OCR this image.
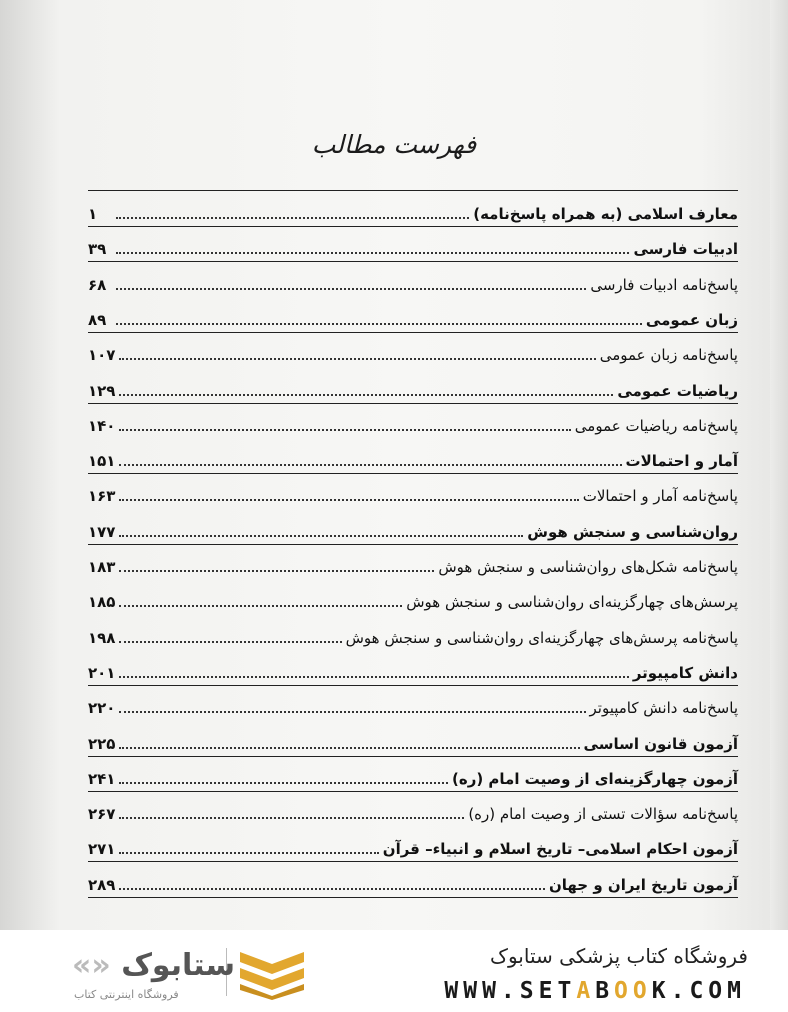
فهرست مطالب
معارف اسلامی (به همراه پاسخ‌نامه)
۱
ادبیات فارسی
۳۹
پاسخ‌نامه ادبیات فارسی
۶۸
زبان عمومی
۸۹
پاسخ‌نامه زبان عمومی
۱۰۷
ریاضیات عمومی
۱۲۹
پاسخ‌نامه ریاضیات عمومی
۱۴۰
آمار و احتمالات
۱۵۱
پاسخ‌نامه آمار و احتمالات
۱۶۳
روان‌شناسی و سنجش هوش
۱۷۷
پاسخ‌نامه شکل‌های روان‌شناسی و سنجش هوش
۱۸۳
پرسش‌های چهارگزینه‌ای روان‌شناسی و سنجش هوش
۱۸۵
پاسخ‌نامه پرسش‌های چهارگزینه‌ای روان‌شناسی و سنجش هوش
۱۹۸
دانش کامپیوتر
۲۰۱
پاسخ‌نامه دانش کامپیوتر
۲۲۰
آزمون قانون اساسی
۲۲۵
آزمون چهارگزینه‌ای از وصیت امام (ره)
۲۴۱
پاسخ‌نامه سؤالات تستی از وصیت امام (ره)
۲۶۷
آزمون احکام اسلامی– تاریخ اسلام و انبیاء– قرآن
۲۷۱
آزمون تاریخ ایران و جهان
۲۸۹
فروشگاه کتاب پزشکی ستابوک
WWW.SETABOOK.COM
«» ستابوک
فروشگاه اینترنتی کتاب
